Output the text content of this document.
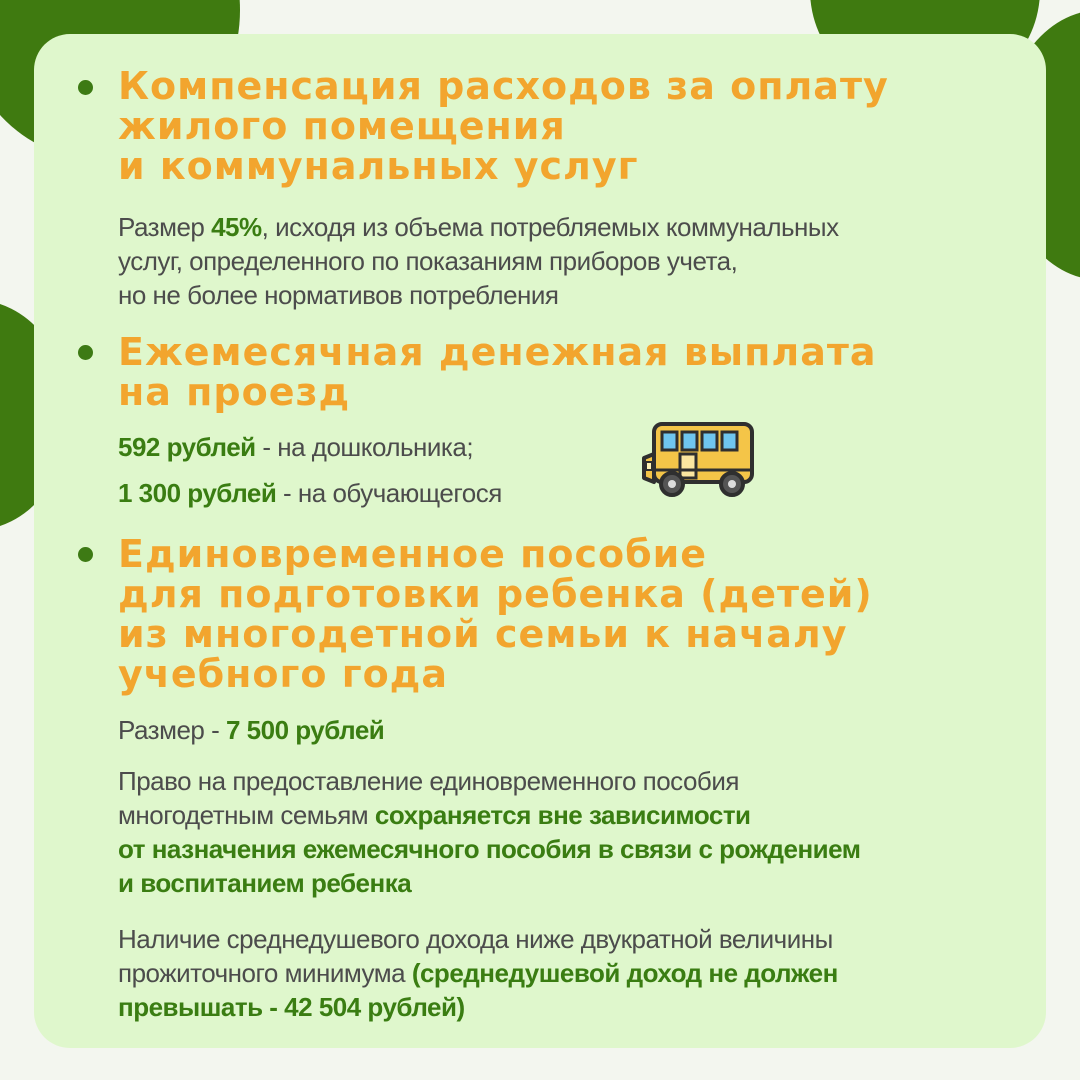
Компенсация расходов за оплату
жилого помещения
и коммунальных услуг
Размер 45%, исходя из объема потребляемых коммунальных
услуг, определенного по показаниям приборов учета,
но не более нормативов потребления
Ежемесячная денежная выплата
на проезд
592 рублей - на дошкольника;
1 300 рублей - на обучающегося
Единовременное пособие
для подготовки ребенка (детей)
из многодетной семьи к началу
учебного года
Размер - 7 500 рублей
Право на предоставление единовременного пособия
многодетным семьям сохраняется вне зависимости
от назначения ежемесячного пособия в связи с рождением
и воспитанием ребенка
Наличие среднедушевого дохода ниже двукратной величины
прожиточного минимума (среднедушевой доход не должен
превышать - 42 504 рублей)
